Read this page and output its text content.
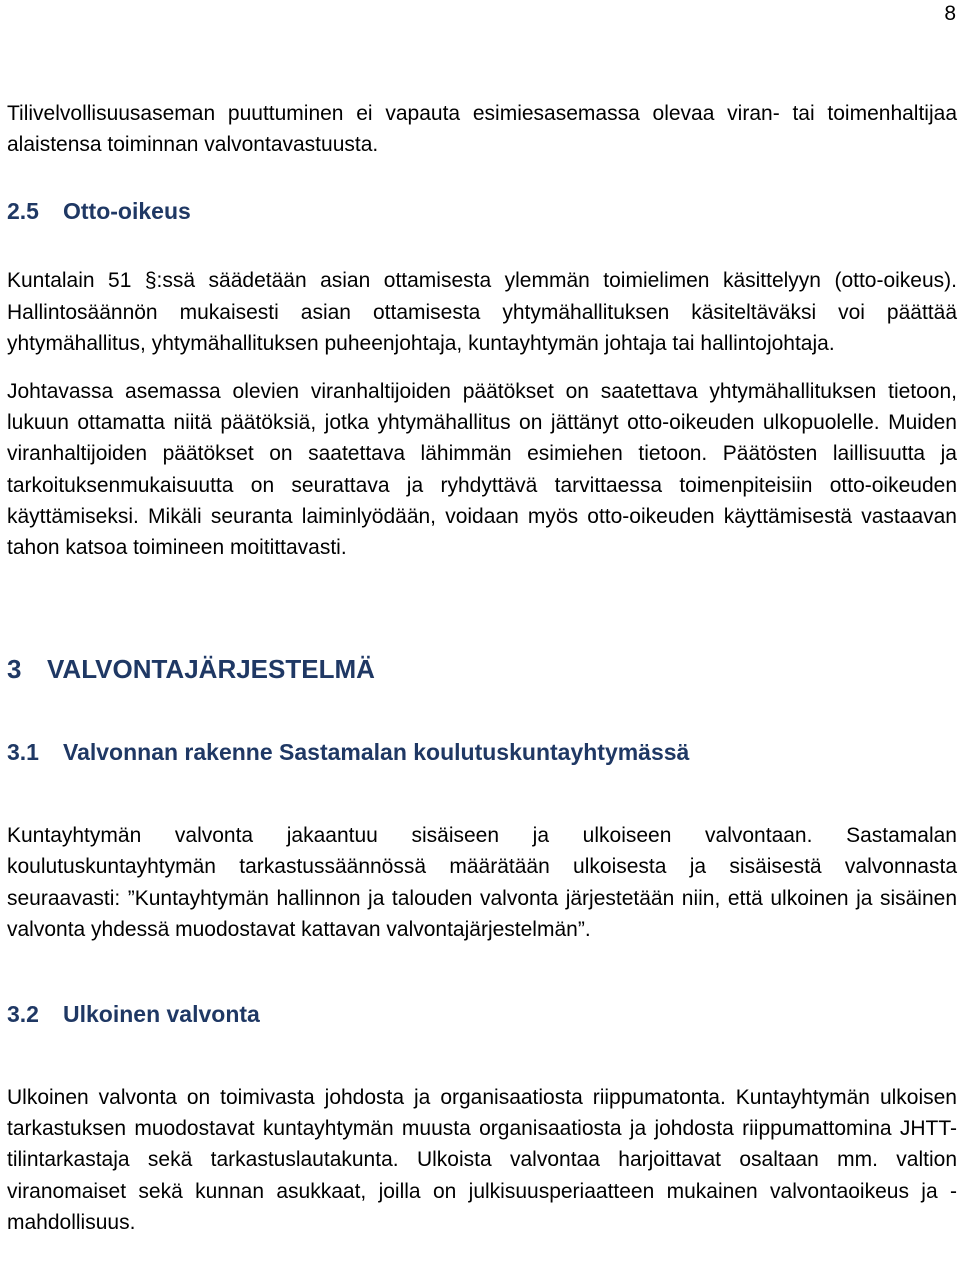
8

Tilivelvollisuusaseman puuttuminen ei vapauta esimiesasemassa olevaa viran- tai toimenhaltijaa alaistensa toiminnan valvontavastuusta.

2.5 Otto-oikeus

Kuntalain 51 §:ssä säädetään asian ottamisesta ylemmän toimielimen käsittelyyn (otto-oikeus). Hallintosäännön mukaisesti asian ottamisesta yhtymähallituksen käsiteltäväksi voi päättää yhtymähallitus, yhtymähallituksen puheenjohtaja, kuntayhtymän johtaja tai hallintojohtaja.

Johtavassa asemassa olevien viranhaltijoiden päätökset on saatettava yhtymähallituksen tietoon, lukuun ottamatta niitä päätöksiä, jotka yhtymähallitus on jättänyt otto-oikeuden ulkopuolelle. Muiden viranhaltijoiden päätökset on saatettava lähimmän esimiehen tietoon. Päätösten laillisuutta ja tarkoituksenmukaisuutta on seurattava ja ryhdyttävä tarvittaessa toimenpiteisiin otto-oikeuden käyttämiseksi. Mikäli seuranta laiminlyödään, voidaan myös otto-oikeuden käyttämisestä vastaavan tahon katsoa toimineen moitittavasti.

3 VALVONTAJÄRJESTELMÄ
3.1 Valvonnan rakenne Sastamalan koulutuskuntayhtymässä

Kuntayhtymän valvonta jakaantuu sisäiseen ja ulkoiseen valvontaan. Sastamalan koulutuskuntayhtymän tarkastussäännössä määrätään ulkoisesta ja sisäisestä valvonnasta seuraavasti: ”Kuntayhtymän hallinnon ja talouden valvonta järjestetään niin, että ulkoinen ja sisäinen valvonta yhdessä muodostavat kattavan valvontajärjestelmän”.

3.2 Ulkoinen valvonta

Ulkoinen valvonta on toimivasta johdosta ja organisaatiosta riippumatonta. Kuntayhtymän ulkoisen tarkastuksen muodostavat kuntayhtymän muusta organisaatiosta ja johdosta riippumattomina JHTT-tilintarkastaja sekä tarkastuslautakunta. Ulkoista valvontaa harjoittavat osaltaan mm. valtion viranomaiset sekä kunnan asukkaat, joilla on julkisuusperiaatteen mukainen valvontaoikeus ja -mahdollisuus.
